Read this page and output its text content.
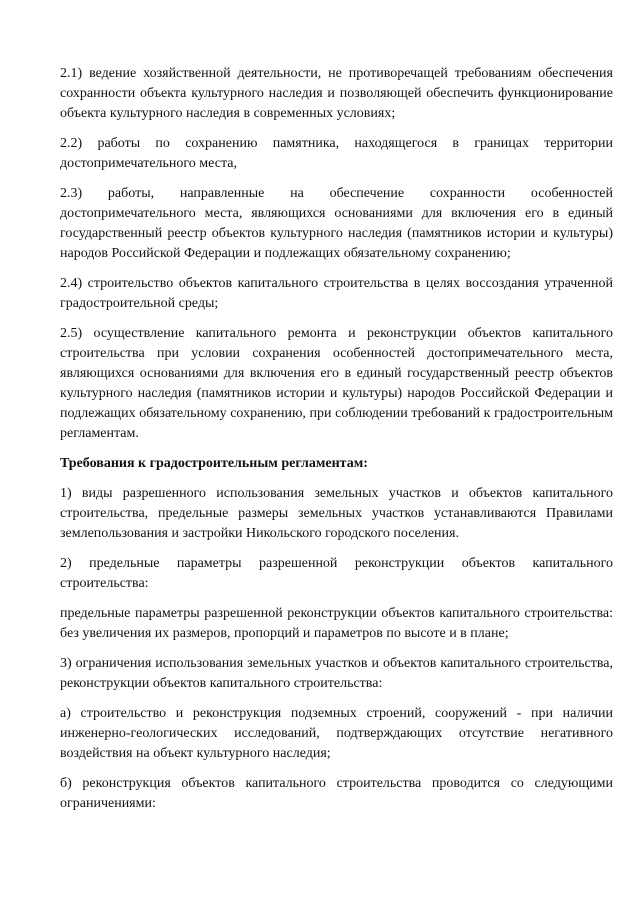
2.1) ведение хозяйственной деятельности, не противоречащей требованиям обеспечения сохранности объекта культурного наследия и позволяющей обеспечить функционирование объекта культурного наследия в современных условиях;

2.2) работы по сохранению памятника, находящегося в границах территории достопримечательного места,

2.3) работы, направленные на обеспечение сохранности особенностей достопримечательного места, являющихся основаниями для включения его в единый государственный реестр объектов культурного наследия (памятников истории и культуры) народов Российской Федерации и подлежащих обязательному сохранению;

2.4) строительство объектов капитального строительства в целях воссоздания утраченной градостроительной среды;

2.5) осуществление капитального ремонта и реконструкции объектов капитального строительства при условии сохранения особенностей достопримечательного места, являющихся основаниями для включения его в единый государственный реестр объектов культурного наследия (памятников истории и культуры) народов Российской Федерации и подлежащих обязательному сохранению, при соблюдении требований к градостроительным регламентам.

Требования к градостроительным регламентам:

1) виды разрешенного использования земельных участков и объектов капитального строительства, предельные размеры земельных участков устанавливаются Правилами землепользования и застройки Никольского городского поселения.

2) предельные параметры разрешенной реконструкции объектов капитального строительства:

предельные параметры разрешенной реконструкции объектов капитального строительства: без увеличения их размеров, пропорций и параметров по высоте и в плане;

3) ограничения использования земельных участков и объектов капитального строительства, реконструкции объектов капитального строительства:

а) строительство и реконструкция подземных строений, сооружений - при наличии инженерно-геологических исследований, подтверждающих отсутствие негативного воздействия на объект культурного наследия;

б) реконструкция объектов капитального строительства проводится со следующими ограничениями:
